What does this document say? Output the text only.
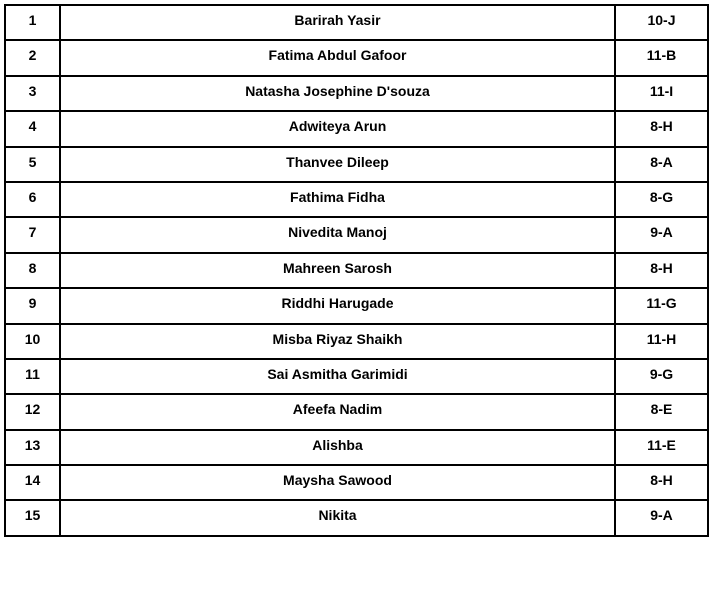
1	Barirah Yasir	10-J

2	Fatima Abdul Gafoor	11-B

3	Natasha Josephine D'souza	11-I

4	Adwiteya Arun	8-H

5	Thanvee Dileep	8-A

6	Fathima Fidha	8-G

7	Nivedita Manoj	9-A

8	Mahreen Sarosh	8-H

9	Riddhi Harugade	11-G

10	Misba Riyaz Shaikh	11-H

11	Sai Asmitha Garimidi	9-G

12	Afeefa Nadim	8-E

13	Alishba	11-E

14	Maysha Sawood	8-H

15	Nikita	9-A
